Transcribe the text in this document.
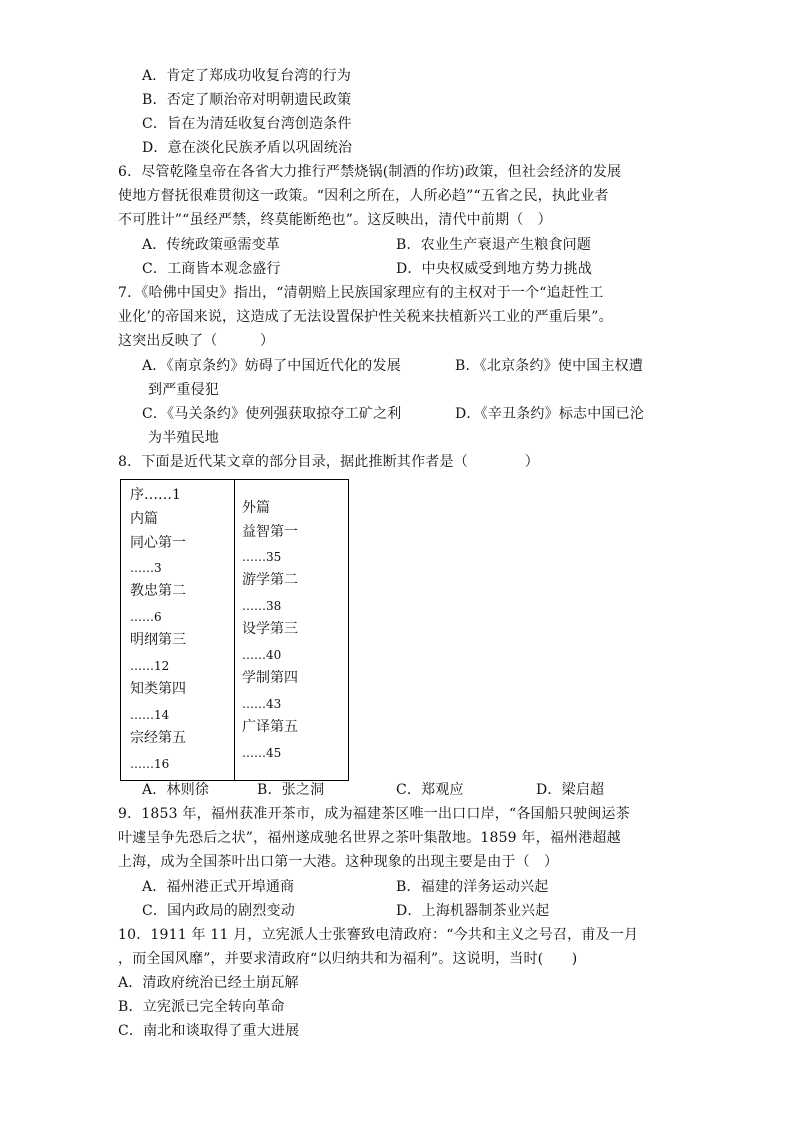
A．肯定了郑成功收复台湾的行为
B．否定了顺治帝对明朝遗民政策
C．旨在为清廷收复台湾创造条件
D．意在淡化民族矛盾以巩固统治
6．尽管乾隆皇帝在各省大力推行严禁烧锅(制酒的作坊)政策，但社会经济的发展
使地方督抚很难贯彻这一政策。“因利之所在，人所必趋”“五省之民，执此业者
不可胜计”“虽经严禁，终莫能断绝也”。这反映出，清代中前期（　）
A．传统政策亟需变革	B．农业生产衰退产生粮食问题
C．工商皆本观念盛行	D．中央权威受到地方势力挑战
7．《哈佛中国史》指出，“清朝赔上民族国家理应有的主权对于一个“追赶性工
业化’的帝国来说，这造成了无法设置保护性关税来扶植新兴工业的严重后果”。
这突出反映了（　　　）
A．《南京条约》妨碍了中国近代化的发展	B．《北京条约》使中国主权遭
到严重侵犯
C．《马关条约》使列强获取掠夺工矿之利	D．《辛丑条约》标志中国已沦
为半殖民地
8．下面是近代某文章的部分目录，据此推断其作者是（　　　　）
序……1
内篇
同心第一
……3
教忠第二
……6
明纲第三
……12
知类第四
……14
宗经第五
……16
外篇
益智第一
……35
游学第二
……38
设学第三
……40
学制第四
……43
广译第五
……45
A．林则徐	B．张之洞	C．郑观应	D．梁启超
9．1853 年，福州获准开茶市，成为福建茶区唯一出口口岸，“各国船只驶闽运茶
叶遽呈争先恐后之状”，福州遂成驰名世界之茶叶集散地。1859 年，福州港超越
上海，成为全国茶叶出口第一大港。这种现象的出现主要是由于（　）
A．福州港正式开埠通商	B．福建的洋务运动兴起
C．国内政局的剧烈变动	D．上海机器制茶业兴起
10．1911 年 11 月，立宪派人士张謇致电清政府：“今共和主义之号召，甫及一月
，而全国风靡”，并要求清政府“以归纳共和为福利”。这说明，当时(　　)
A．清政府统治已经土崩瓦解
B．立宪派已完全转向革命
C．南北和谈取得了重大进展
